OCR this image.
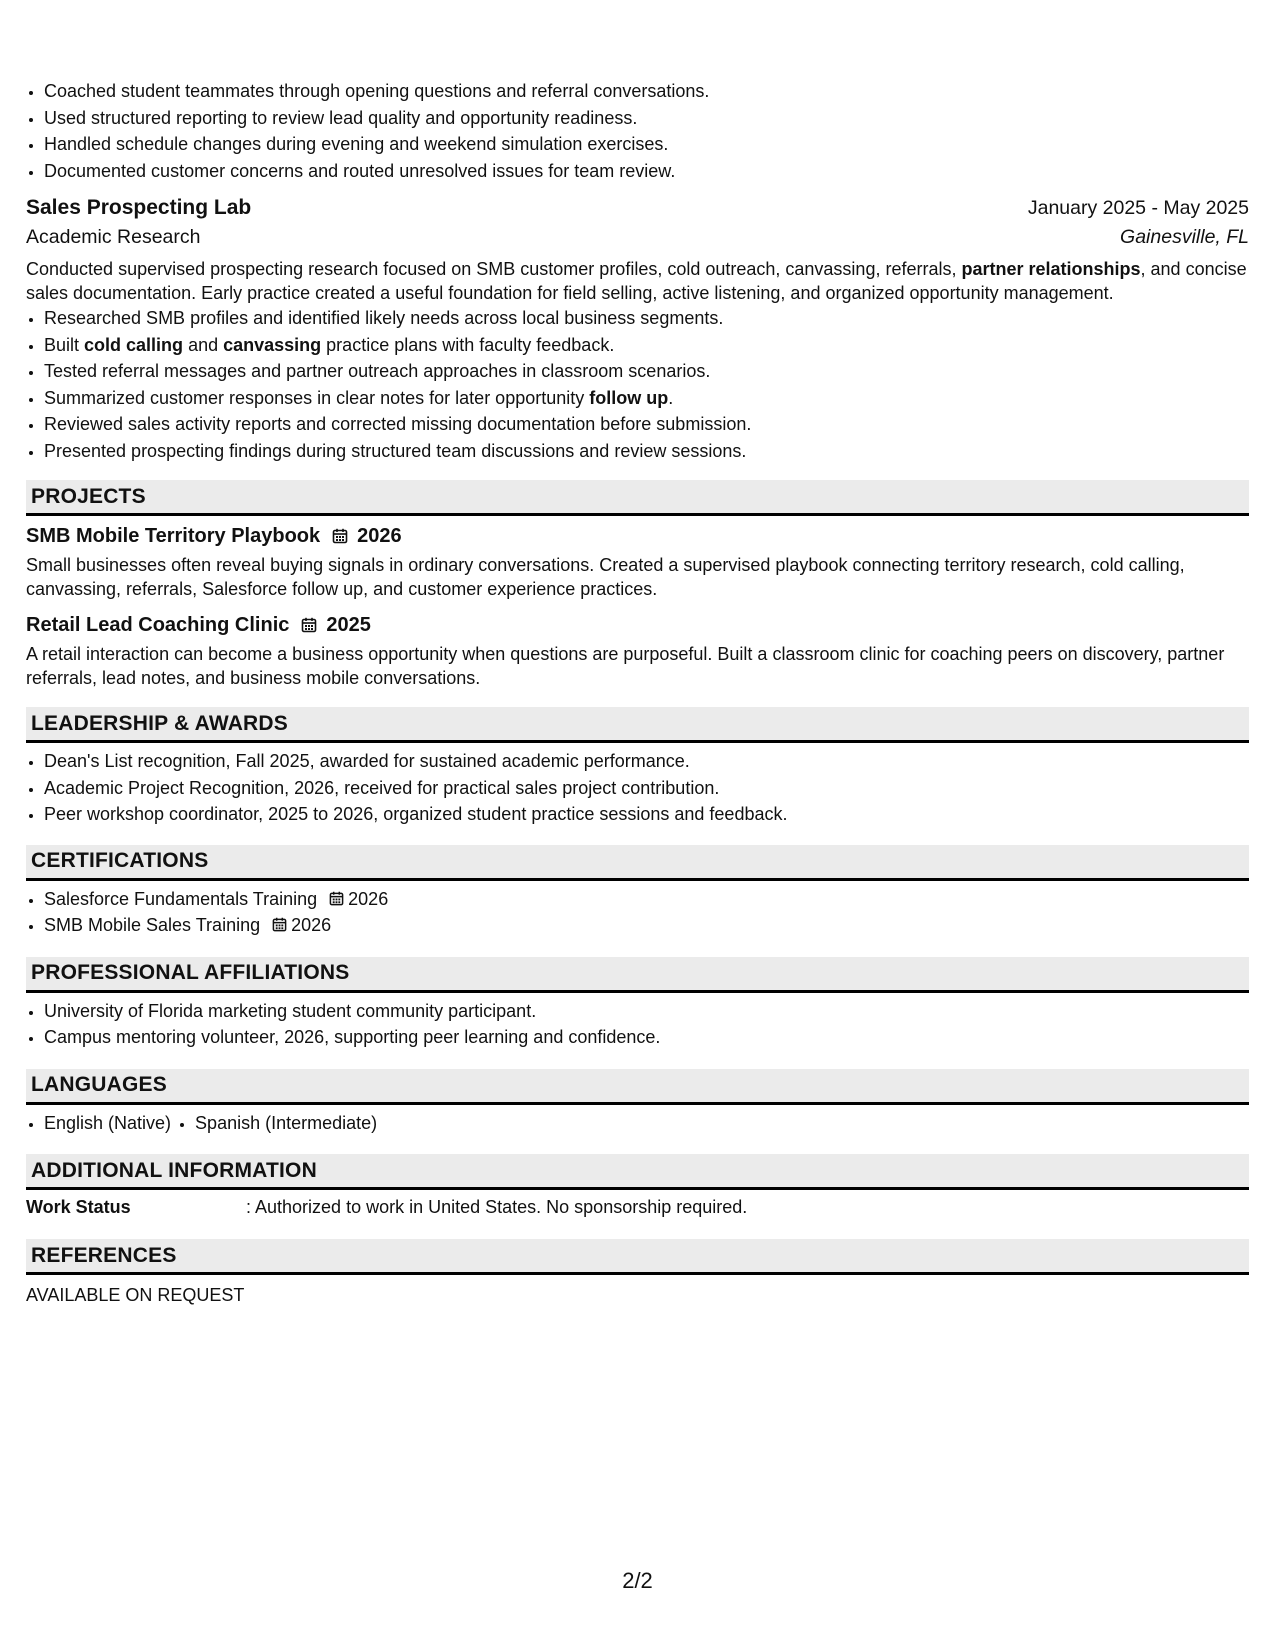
• Coached student teammates through opening questions and referral conversations.
• Used structured reporting to review lead quality and opportunity readiness.
• Handled schedule changes during evening and weekend simulation exercises.
• Documented customer concerns and routed unresolved issues for team review.
Sales Prospecting Lab	January 2025 - May 2025
Academic Research	Gainesville, FL
Conducted supervised prospecting research focused on SMB customer profiles, cold outreach, canvassing, referrals, partner relationships, and concise sales documentation. Early practice created a useful foundation for field selling, active listening, and organized opportunity management.
• Researched SMB profiles and identified likely needs across local business segments.
• Built cold calling and canvassing practice plans with faculty feedback.
• Tested referral messages and partner outreach approaches in classroom scenarios.
• Summarized customer responses in clear notes for later opportunity follow up.
• Reviewed sales activity reports and corrected missing documentation before submission.
• Presented prospecting findings during structured team discussions and review sessions.
PROJECTS
SMB Mobile Territory Playbook 2026
Small businesses often reveal buying signals in ordinary conversations. Created a supervised playbook connecting territory research, cold calling, canvassing, referrals, Salesforce follow up, and customer experience practices.
Retail Lead Coaching Clinic 2025
A retail interaction can become a business opportunity when questions are purposeful. Built a classroom clinic for coaching peers on discovery, partner referrals, lead notes, and business mobile conversations.
LEADERSHIP & AWARDS
• Dean's List recognition, Fall 2025, awarded for sustained academic performance.
• Academic Project Recognition, 2026, received for practical sales project contribution.
• Peer workshop coordinator, 2025 to 2026, organized student practice sessions and feedback.
CERTIFICATIONS
• Salesforce Fundamentals Training 2026
• SMB Mobile Sales Training 2026
PROFESSIONAL AFFILIATIONS
• University of Florida marketing student community participant.
• Campus mentoring volunteer, 2026, supporting peer learning and confidence.
LANGUAGES
• English (Native)
• Spanish (Intermediate)
ADDITIONAL INFORMATION
Work Status	: Authorized to work in United States. No sponsorship required.
REFERENCES
AVAILABLE ON REQUEST
2/2
